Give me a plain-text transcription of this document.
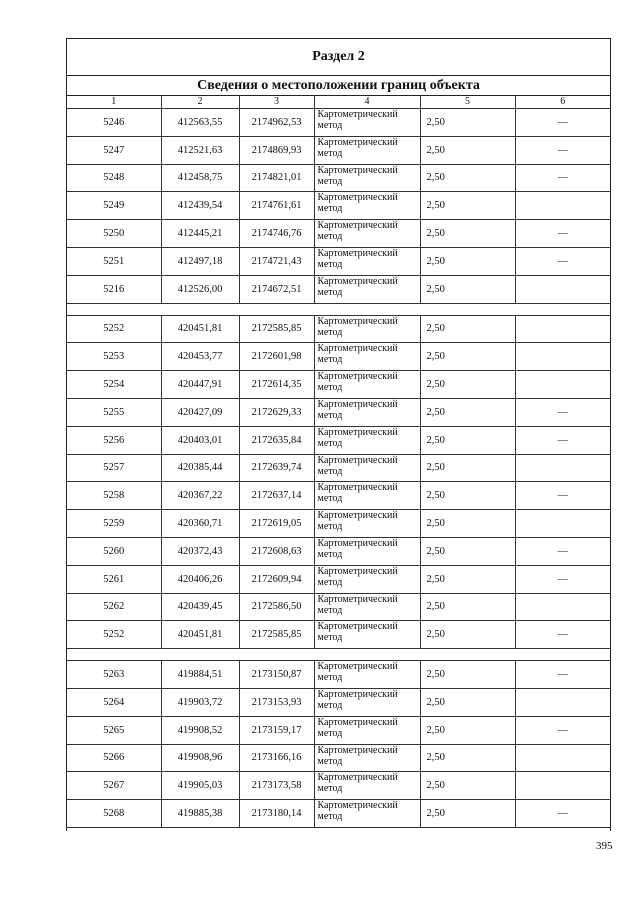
Раздел 2
Сведения о местоположении границ объекта
1	2	3	4	5	6
5246	412563,55	2174962,53	Картометрический метод	2,50	—
5247	412521,63	2174869,93	Картометрический метод	2,50	—
5248	412458,75	2174821,01	Картометрический метод	2,50	—
5249	412439,54	2174761,61	Картометрический метод	2,50	
5250	412445,21	2174746,76	Картометрический метод	2,50	—
5251	412497,18	2174721,43	Картометрический метод	2,50	—
5216	412526,00	2174672,51	Картометрический метод	2,50	

5252	420451,81	2172585,85	Картометрический метод	2,50	
5253	420453,77	2172601,98	Картометрический метод	2,50	
5254	420447,91	2172614,35	Картометрический метод	2,50	
5255	420427,09	2172629,33	Картометрический метод	2,50	—
5256	420403,01	2172635,84	Картометрический метод	2,50	—
5257	420385,44	2172639,74	Картометрический метод	2,50	
5258	420367,22	2172637,14	Картометрический метод	2,50	—
5259	420360,71	2172619,05	Картометрический метод	2,50	
5260	420372,43	2172608,63	Картометрический метод	2,50	—
5261	420406,26	2172609,94	Картометрический метод	2,50	—
5262	420439,45	2172586,50	Картометрический метод	2,50	
5252	420451,81	2172585,85	Картометрический метод	2,50	—

5263	419884,51	2173150,87	Картометрический метод	2,50	—
5264	419903,72	2173153,93	Картометрический метод	2,50	
5265	419908,52	2173159,17	Картометрический метод	2,50	—
5266	419908,96	2173166,16	Картометрический метод	2,50	
5267	419905,03	2173173,58	Картометрический метод	2,50	
5268	419885,38	2173180,14	Картометрический метод	2,50	—
395
